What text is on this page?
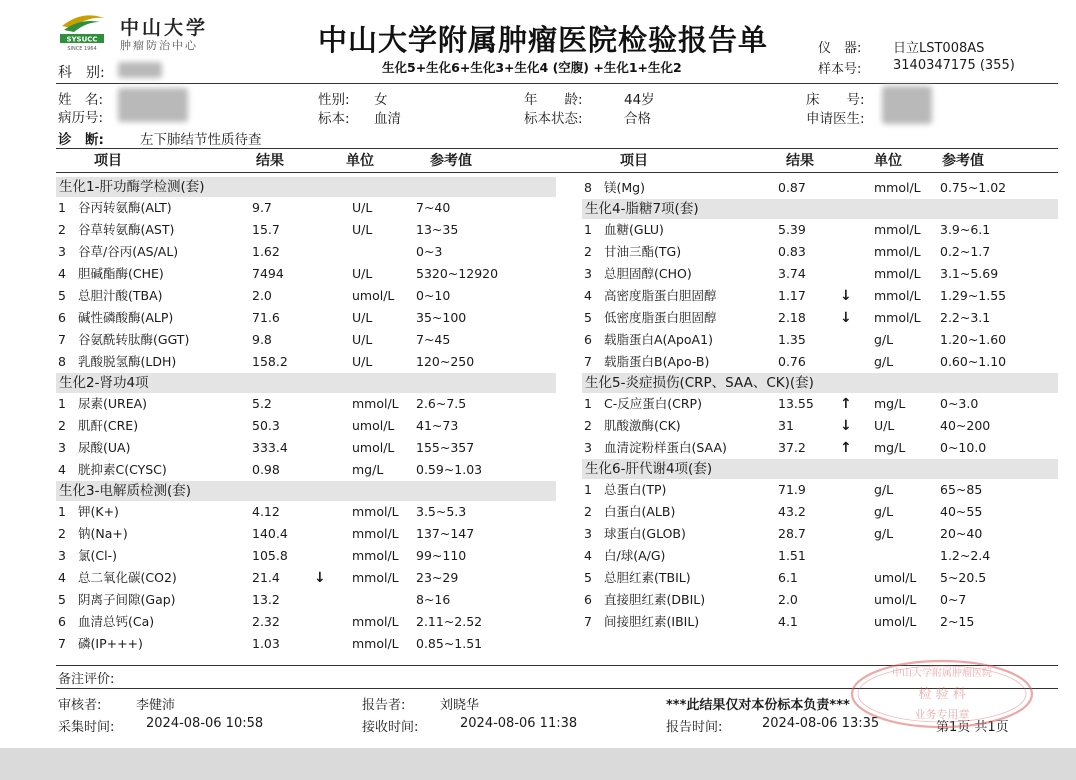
SYSUCC
SINCE 1964
中山大学
肿瘤防治中心	中山大学附属肿瘤医院检验报告单
生化5+生化6+生化3+生化4 (空腹) +生化1+生化2
仪　器: 日立LST008AS
样本号: 3140347175 (355)
科　别:
姓　名:
病历号:
诊　断:	左下肺结节性质待查
性别: 女
标本: 血清
年　　龄:	44岁
标本状态:	合格
床　　号:
申请医生:
项目	结果	单位	参考值	项目	结果	单位	参考值
生化1-肝功酶学检测(套)
1 谷丙转氨酶(ALT)	9.7	U/L	7~40
2 谷草转氨酶(AST)	15.7	U/L	13~35
3 谷草/谷丙(AS/AL)	1.62	0~3
4 胆碱酯酶(CHE)	7494	U/L	5320~12920
5 总胆汁酸(TBA)	2.0	umol/L 0~10
6 碱性磷酸酶(ALP)	71.6	U/L	35~100
7 谷氨酰转肽酶(GGT)	9.8	U/L	7~45
8 乳酸脱氢酶(LDH)	158.2	U/L	120~250
生化2-肾功4项
1 尿素(UREA)	5.2	mmol/L 2.6~7.5
2 肌酐(CRE)	50.3	umol/L 41~73
3 尿酸(UA)	333.4	umol/L 155~357
4 胱抑素C(CYSC)	0.98	mg/L	0.59~1.03
生化3-电解质检测(套)
1 钾(K+)	4.12	mmol/L 3.5~5.3
2 钠(Na+)	140.4	mmol/L 137~147
3 氯(Cl-)	105.8	mmol/L 99~110
4 总二氧化碳(CO2)	21.4 ↓ mmol/L 23~29
5 阴离子间隙(Gap)	13.2	8~16
6 血清总钙(Ca)	2.32	mmol/L 2.11~2.52
7 磷(IP+++)	1.03	mmol/L 0.85~1.51
8 镁(Mg)	0.87	mmol/L 0.75~1.02
生化4-脂糖7项(套)
1 血糖(GLU)	5.39	mmol/L 3.9~6.1
2 甘油三酯(TG)	0.83	mmol/L 0.2~1.7
3 总胆固醇(CHO)	3.74	mmol/L 3.1~5.69
4 高密度脂蛋白胆固醇	1.17 ↓ mmol/L 1.29~1.55
5 低密度脂蛋白胆固醇	2.18 ↓ mmol/L 2.2~3.1
6 载脂蛋白A(ApoA1)	1.35	g/L	1.20~1.60
7 载脂蛋白B(Apo-B)	0.76	g/L	0.60~1.10
生化5-炎症损伤(CRP、SAA、CK)(套)
1 C-反应蛋白(CRP)	13.55 ↑ mg/L	0~3.0
2 肌酸激酶(CK)	31	↓ U/L	40~200
3 血清淀粉样蛋白(SAA)	37.2 ↑ mg/L	0~10.0
生化6-肝代谢4项(套)
1 总蛋白(TP)	71.9	g/L	65~85
2 白蛋白(ALB)	43.2	g/L	40~55
3 球蛋白(GLOB)	28.7	g/L	20~40
4 白/球(A/G)	1.51	1.2~2.4
5 总胆红素(TBIL)	6.1	umol/L 5~20.5
6 直接胆红素(DBIL)	2.0	umol/L 0~7
7 间接胆红素(IBIL)	4.1	umol/L 2~15
备注评价:
审核者:	李健沛	报告者:	刘晓华	***此结果仅对本份标本负责***
采集时间: 2024-08-06 10:58	接收时间:	2024-08-06 11:38	报告时间:	2024-08-06 13:35	第1页 共1页
中山大学附属肿瘤医院
检 验 科
业务专用章
